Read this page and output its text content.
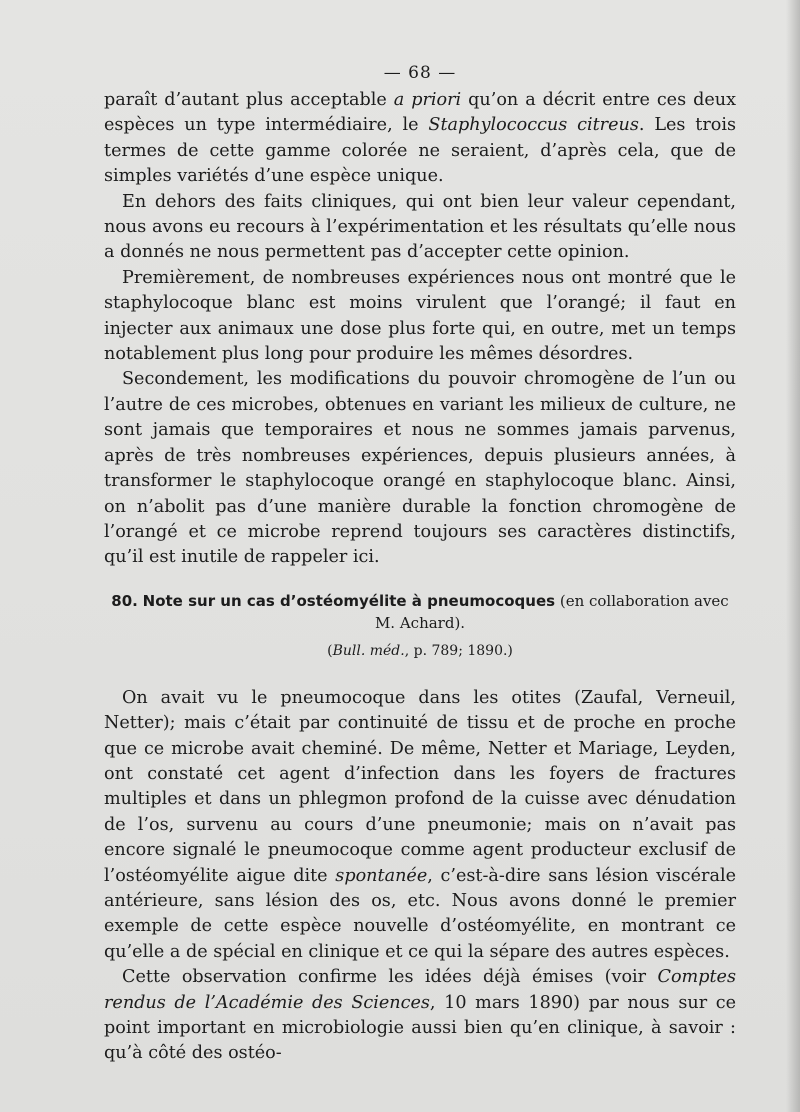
— 68 —

paraît d’autant plus acceptable a priori qu’on a décrit entre ces deux espèces un type intermédiaire, le Staphylococcus citreus. Les trois termes de cette gamme colorée ne seraient, d’après cela, que de simples variétés d’une espèce unique.

En dehors des faits cliniques, qui ont bien leur valeur cependant, nous avons eu recours à l’expérimentation et les résultats qu’elle nous a donnés ne nous permettent pas d’accepter cette opinion.

Premièrement, de nombreuses expériences nous ont montré que le staphylocoque blanc est moins virulent que l’orangé; il faut en injecter aux animaux une dose plus forte qui, en outre, met un temps notablement plus long pour produire les mêmes désordres.

Secondement, les modifications du pouvoir chromogène de l’un ou l’autre de ces microbes, obtenues en variant les milieux de culture, ne sont jamais que temporaires et nous ne sommes jamais parvenus, après de très nombreuses expériences, depuis plusieurs années, à transformer le staphylocoque orangé en staphylocoque blanc. Ainsi, on n’abolit pas d’une manière durable la fonction chromogène de l’orangé et ce microbe reprend toujours ses caractères distinctifs, qu’il est inutile de rappeler ici.

80. Note sur un cas d’ostéomyélite à pneumocoques (en collaboration avec M. Achard).

(Bull. méd., p. 789; 1890.)

On avait vu le pneumocoque dans les otites (Zaufal, Verneuil, Netter); mais c’était par continuité de tissu et de proche en proche que ce microbe avait cheminé. De même, Netter et Mariage, Leyden, ont constaté cet agent d’infection dans les foyers de fractures multiples et dans un phlegmon profond de la cuisse avec dénudation de l’os, survenu au cours d’une pneumonie; mais on n’avait pas encore signalé le pneumocoque comme agent producteur exclusif de l’ostéomyélite aigue dite spontanée, c’est-à-dire sans lésion viscérale antérieure, sans lésion des os, etc. Nous avons donné le premier exemple de cette espèce nouvelle d’ostéomyélite, en montrant ce qu’elle a de spécial en clinique et ce qui la sépare des autres espèces.

Cette observation confirme les idées déjà émises (voir Comptes rendus de l’Académie des Sciences, 10 mars 1890) par nous sur ce point important en microbiologie aussi bien qu’en clinique, à savoir : qu’à côté des ostéo-
